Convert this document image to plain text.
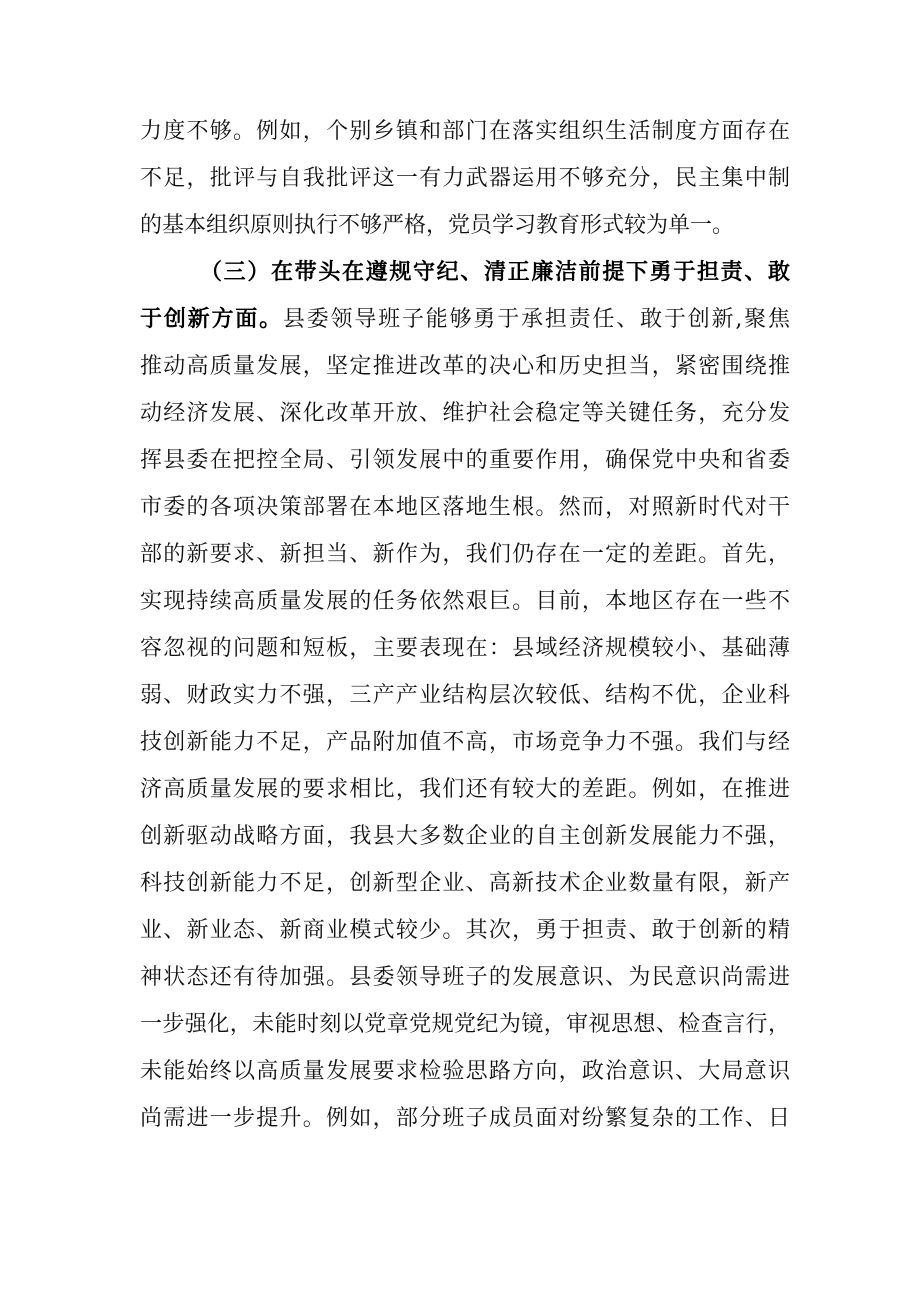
力度不够。例如，个别乡镇和部门在落实组织生活制度方面存在
不足，批评与自我批评这一有力武器运用不够充分，民主集中制
的基本组织原则执行不够严格，党员学习教育形式较为单一。
（三）在带头在遵规守纪、清正廉洁前提下勇于担责、敢
于创新方面。县委领导班子能够勇于承担责任、敢于创新,聚焦
推动高质量发展，坚定推进改革的决心和历史担当，紧密围绕推
动经济发展、深化改革开放、维护社会稳定等关键任务，充分发
挥县委在把控全局、引领发展中的重要作用，确保党中央和省委
市委的各项决策部署在本地区落地生根。然而，对照新时代对干
部的新要求、新担当、新作为，我们仍存在一定的差距。首先，
实现持续高质量发展的任务依然艰巨。目前，本地区存在一些不
容忽视的问题和短板，主要表现在：县域经济规模较小、基础薄
弱、财政实力不强，三产产业结构层次较低、结构不优，企业科
技创新能力不足，产品附加值不高，市场竞争力不强。我们与经
济高质量发展的要求相比，我们还有较大的差距。例如，在推进
创新驱动战略方面，我县大多数企业的自主创新发展能力不强，
科技创新能力不足，创新型企业、高新技术企业数量有限，新产
业、新业态、新商业模式较少。其次，勇于担责、敢于创新的精
神状态还有待加强。县委领导班子的发展意识、为民意识尚需进
一步强化，未能时刻以党章党规党纪为镜，审视思想、检查言行，
未能始终以高质量发展要求检验思路方向，政治意识、大局意识
尚需进一步提升。例如，部分班子成员面对纷繁复杂的工作、日
